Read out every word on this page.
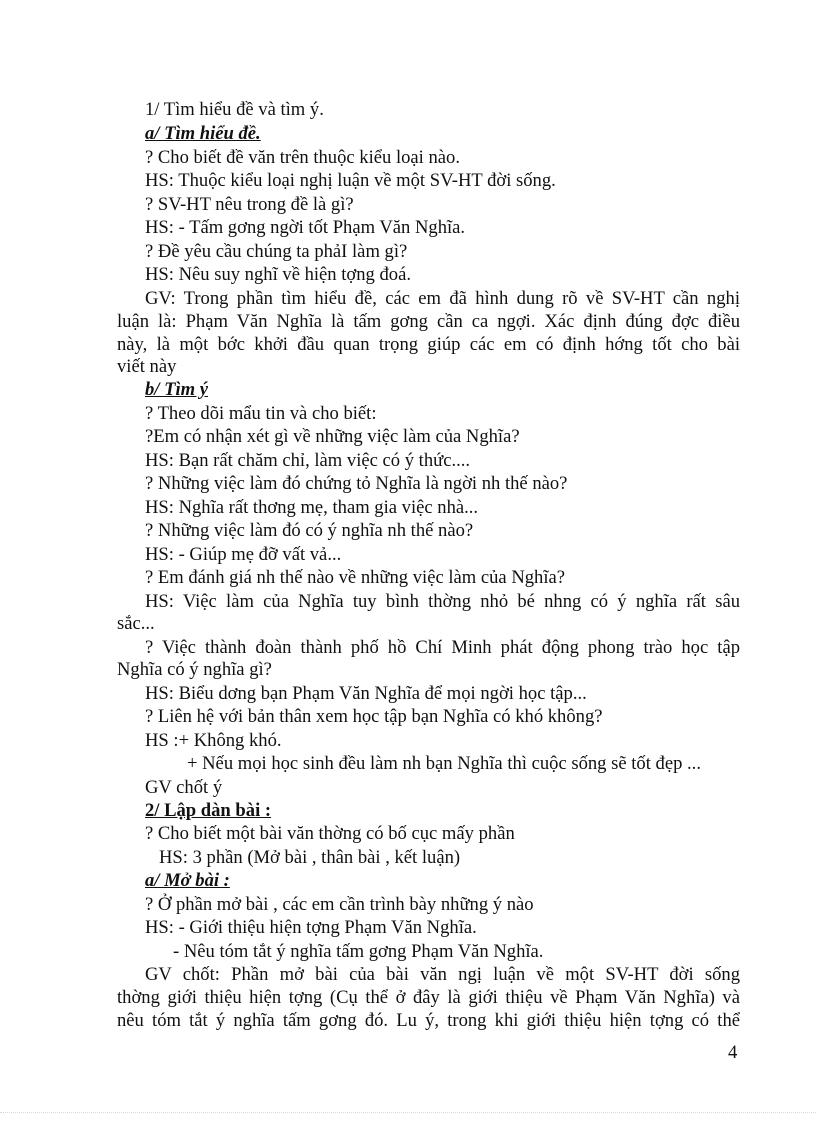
1/ Tìm hiểu đề và tìm ý.
a/ Tìm hiểu đề.
? Cho biết đề văn trên thuộc kiểu loại nào.
HS: Thuộc kiểu loại nghị luận về một SV-HT đời sống.
? SV-HT nêu trong đề là gì?
HS: - Tấm gơng ngời tốt Phạm Văn Nghĩa.
? Đề yêu cầu chúng ta phảI làm gì?
HS: Nêu suy nghĩ về hiện tợng đoá.
GV: Trong phần tìm hiểu đề, các em đã hình dung rõ về SV-HT cần nghị
luận là: Phạm Văn Nghĩa là tấm gơng cần ca ngợi. Xác định đúng đợc điều
này, là một bớc khởi đầu quan trọng giúp các em có định hớng tốt cho bài
viết này
b/ Tìm ý
? Theo dõi mẩu tin và cho biết:
?Em có nhận xét gì về những việc làm của Nghĩa?
HS: Bạn rất chăm chỉ, làm việc có ý thức....
? Những việc làm đó chứng tỏ Nghĩa là ngời nh thế nào?
HS: Nghĩa rất thơng mẹ, tham gia việc nhà...
? Những việc làm đó có ý nghĩa nh thế nào?
HS: - Giúp mẹ đỡ vất vả...
? Em đánh giá nh thế nào về những việc làm của Nghĩa?
HS: Việc làm của Nghĩa tuy bình thờng nhỏ bé nhng có ý nghĩa rất sâu
sắc...
? Việc thành đoàn thành phố hồ Chí Minh phát động phong trào học tập
Nghĩa có ý nghĩa gì?
HS: Biểu dơng bạn Phạm Văn Nghĩa để mọi ngời học tập...
? Liên hệ với bản thân xem học tập bạn Nghĩa có khó không?
HS :+ Không khó.
+ Nếu mọi học sinh đều làm nh bạn Nghĩa thì cuộc sống sẽ tốt đẹp ...
GV chốt ý
2/ Lập dàn bài :
? Cho biết một bài văn thờng có bố cục mấy phần
HS: 3 phần (Mở bài , thân bài , kết luận)
a/ Mở bài :
? Ở phần mở bài , các em cần trình bày những ý nào
HS: - Giới thiệu hiện tợng Phạm Văn Nghĩa.
- Nêu tóm tắt ý nghĩa tấm gơng Phạm Văn Nghĩa.
GV chốt: Phần mở bài của bài văn ngị luận về một SV-HT đời sống
thờng giới thiệu hiện tợng (Cụ thể ở đây là giới thiệu về Phạm Văn Nghĩa) và
nêu tóm tắt ý nghĩa tấm gơng đó. Lu ý, trong khi giới thiệu hiện tợng có thể
4
